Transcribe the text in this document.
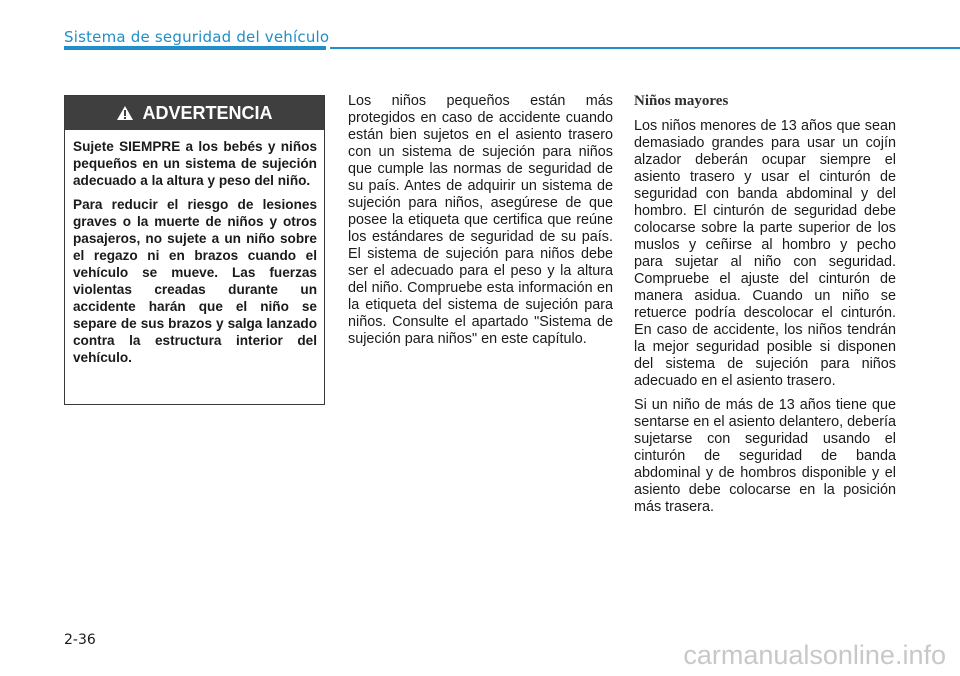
Sistema de seguridad del vehículo
ADVERTENCIA

Sujete SIEMPRE a los bebés y niños pequeños en un sistema de sujeción adecuado a la altura y peso del niño.

Para reducir el riesgo de lesiones graves o la muerte de niños y otros pasajeros, no sujete a un niño sobre el regazo ni en brazos cuando el vehículo se mueve. Las fuerzas violentas creadas durante un accidente harán que el niño se separe de sus brazos y salga lanzado contra la estructura interior del vehículo.

Los niños pequeños están más protegidos en caso de accidente cuando están bien sujetos en el asiento trasero con un sistema de sujeción para niños que cumple las normas de seguridad de su país. Antes de adquirir un sistema de sujeción para niños, asegúrese de que posee la etiqueta que certifica que reúne los estándares de seguridad de su país. El sistema de sujeción para niños debe ser el adecuado para el peso y la altura del niño. Compruebe esta información en la etiqueta del sistema de sujeción para niños. Consulte el apartado "Sistema de sujeción para niños" en este capítulo.

Niños mayores

Los niños menores de 13 años que sean demasiado grandes para usar un cojín alzador deberán ocupar siempre el asiento trasero y usar el cinturón de seguridad con banda abdominal y del hombro. El cinturón de seguridad debe colocarse sobre la parte superior de los muslos y ceñirse al hombro y pecho para sujetar al niño con seguridad. Compruebe el ajuste del cinturón de manera asidua. Cuando un niño se retuerce podría descolocar el cinturón. En caso de accidente, los niños tendrán la mejor seguridad posible si disponen del sistema de sujeción para niños adecuado en el asiento trasero.

Si un niño de más de 13 años tiene que sentarse en el asiento delantero, debería sujetarse con seguridad usando el cinturón de seguridad de banda abdominal y de hombros disponible y el asiento debe colocarse en la posición más trasera.

2-36	carmanualsonline.info
